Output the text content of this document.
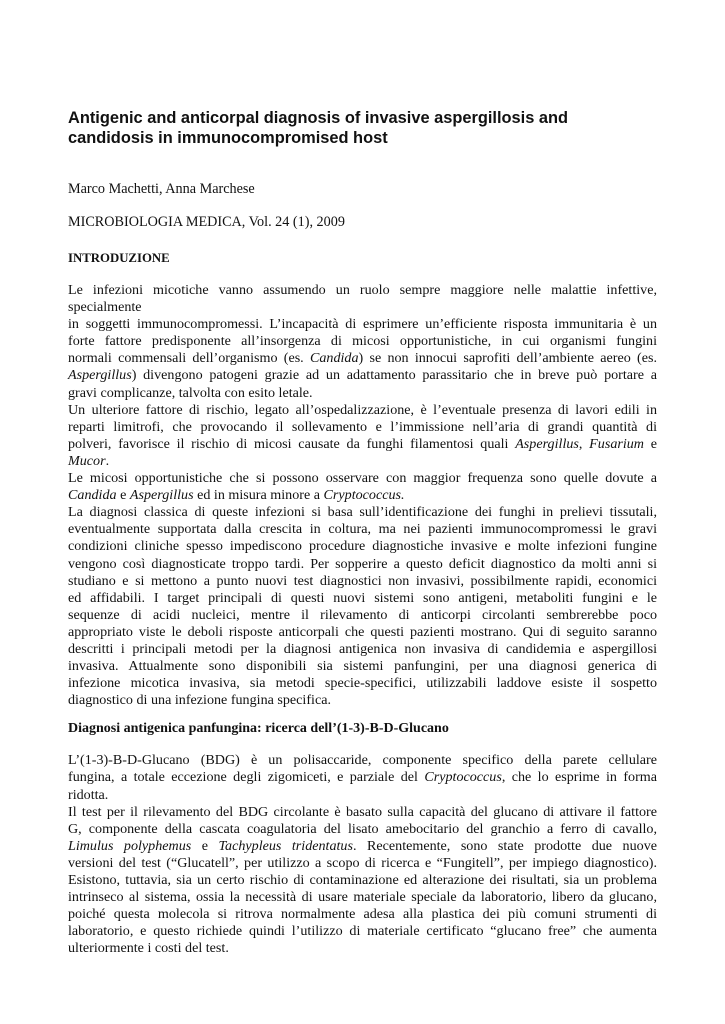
Antigenic and anticorpal diagnosis of invasive aspergillosis and
candidosis in immunocompromised host
Marco Machetti, Anna Marchese
MICROBIOLOGIA MEDICA, Vol. 24 (1), 2009
INTRODUZIONE

Le infezioni micotiche vanno assumendo un ruolo sempre maggiore nelle malattie infettive,
specialmente
in soggetti immunocompromessi. L’incapacità di esprimere un’efficiente risposta immunitaria è un
forte fattore predisponente all’insorgenza di micosi opportunistiche, in cui organismi fungini
normali commensali dell’organismo (es. Candida) se non innocui saprofiti dell’ambiente aereo (es.
Aspergillus) divengono patogeni grazie ad un adattamento parassitario che in breve può portare a
gravi complicanze, talvolta con esito letale.

Un ulteriore fattore di rischio, legato all’ospedalizzazione, è l’eventuale presenza di lavori edili in
reparti limitrofi, che provocando il sollevamento e l’immissione nell’aria di grandi quantità di
polveri, favorisce il rischio di micosi causate da funghi filamentosi quali Aspergillus, Fusarium e
Mucor.

Le micosi opportunistiche che si possono osservare con maggior frequenza sono quelle dovute a
Candida e Aspergillus ed in misura minore a Cryptococcus.

La diagnosi classica di queste infezioni si basa sull’identificazione dei funghi in prelievi tissutali,
eventualmente supportata dalla crescita in coltura, ma nei pazienti immunocompromessi le gravi
condizioni cliniche spesso impediscono procedure diagnostiche invasive e molte infezioni fungine
vengono così diagnosticate troppo tardi. Per sopperire a questo deficit diagnostico da molti anni si
studiano e si mettono a punto nuovi test diagnostici non invasivi, possibilmente rapidi, economici
ed affidabili. I target principali di questi nuovi sistemi sono antigeni, metaboliti fungini e le
sequenze di acidi nucleici, mentre il rilevamento di anticorpi circolanti sembrerebbe poco
appropriato viste le deboli risposte anticorpali che questi pazienti mostrano. Qui di seguito saranno
descritti i principali metodi per la diagnosi antigenica non invasiva di candidemia e aspergillosi
invasiva. Attualmente sono disponibili sia sistemi panfungini, per una diagnosi generica di
infezione micotica invasiva, sia metodi specie-specifici, utilizzabili laddove esiste il sospetto
diagnostico di una infezione fungina specifica.

Diagnosi antigenica panfungina: ricerca dell’(1-3)-B-D-Glucano

L’(1-3)-B-D-Glucano (BDG) è un polisaccaride, componente specifico della parete cellulare
fungina, a totale eccezione degli zigomiceti, e parziale del Cryptococcus, che lo esprime in forma
ridotta.

Il test per il rilevamento del BDG circolante è basato sulla capacità del glucano di attivare il fattore
G, componente della cascata coagulatoria del lisato amebocitario del granchio a ferro di cavallo,
Limulus polyphemus e Tachypleus tridentatus. Recentemente, sono state prodotte due nuove
versioni del test (“Glucatell”, per utilizzo a scopo di ricerca e “Fungitell”, per impiego diagnostico).
Esistono, tuttavia, sia un certo rischio di contaminazione ed alterazione dei risultati, sia un problema
intrinseco al sistema, ossia la necessità di usare materiale speciale da laboratorio, libero da glucano,
poiché questa molecola si ritrova normalmente adesa alla plastica dei più comuni strumenti di
laboratorio, e questo richiede quindi l’utilizzo di materiale certificato “glucano free” che aumenta
ulteriormente i costi del test.
